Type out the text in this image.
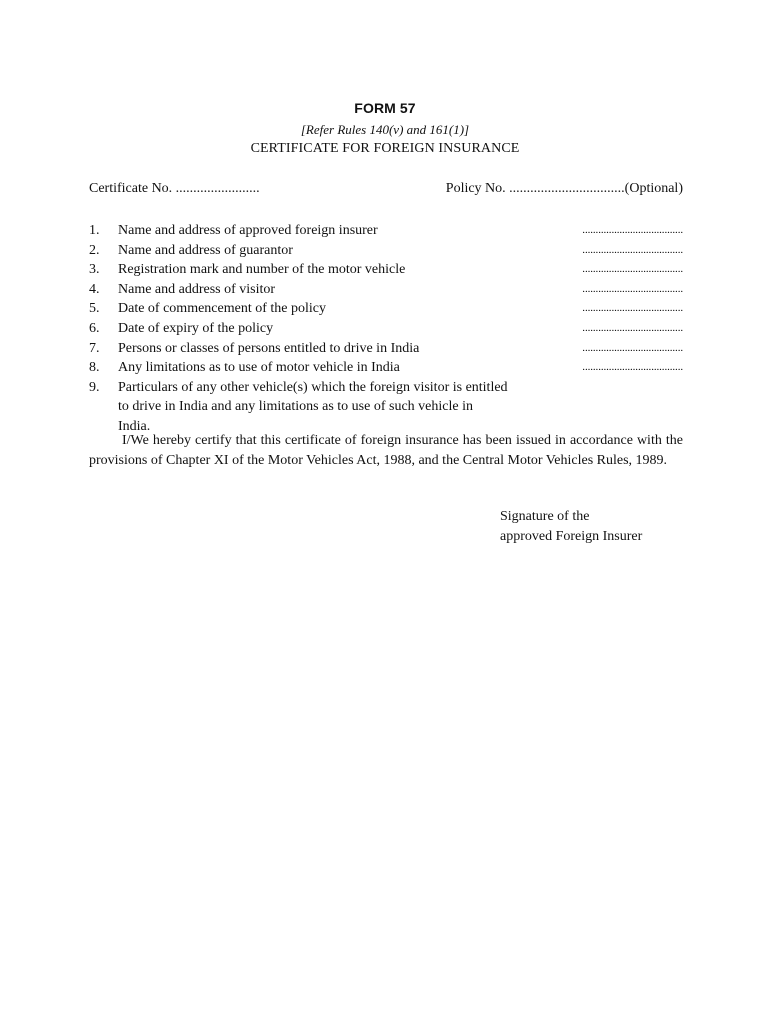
FORM 57
[Refer Rules 140(v) and 161(1)]
CERTIFICATE FOR FOREIGN INSURANCE
Certificate No. ........................	Policy No. .................................(Optional)
1.	Name and address of approved foreign insurer	......................................
2.	Name and address of guarantor	......................................
3.	Registration mark and number of the motor vehicle	......................................
4.	Name and address of visitor	......................................
5.	Date of commencement of the policy	......................................
6.	Date of expiry of the policy	......................................
7.	Persons or classes of persons entitled to drive in India	......................................
8.	Any limitations as to use of motor vehicle in India	......................................
9.	Particulars of any other vehicle(s) which the foreign visitor is entitled to drive in India and any limitations as to use of such vehicle in India.

I/We hereby certify that this certificate of foreign insurance has been issued in accordance with the provisions of Chapter XI of the Motor Vehicles Act, 1988, and the Central Motor Vehicles Rules, 1989.

Signature of the
approved Foreign Insurer
